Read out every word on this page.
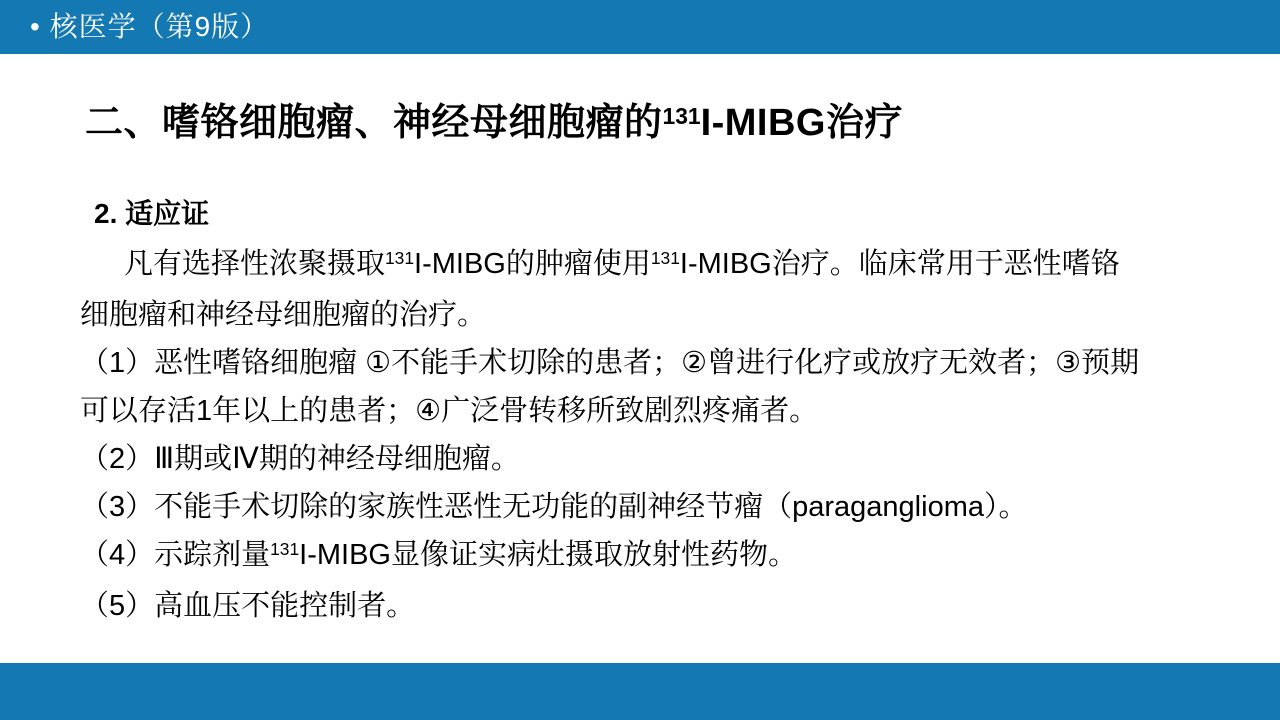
• 核医学（第9版）
二、嗜铬细胞瘤、神经母细胞瘤的$^{131}$I-MIBG治疗
2. 适应证
凡有选择性浓聚摄取$^{131}$I-MIBG的肿瘤使用$^{131}$I-MIBG治疗。临床常用于恶性嗜铬
细胞瘤和神经母细胞瘤的治疗。
（1）恶性嗜铬细胞瘤 ①不能手术切除的患者；②曾进行化疗或放疗无效者；③预期
可以存活1年以上的患者；④广泛骨转移所致剧烈疼痛者。
（2）Ⅲ期或Ⅳ期的神经母细胞瘤。
（3）不能手术切除的家族性恶性无功能的副神经节瘤（paraganglioma）。
（4）示踪剂量$^{131}$I-MIBG显像证实病灶摄取放射性药物。
（5）高血压不能控制者。
